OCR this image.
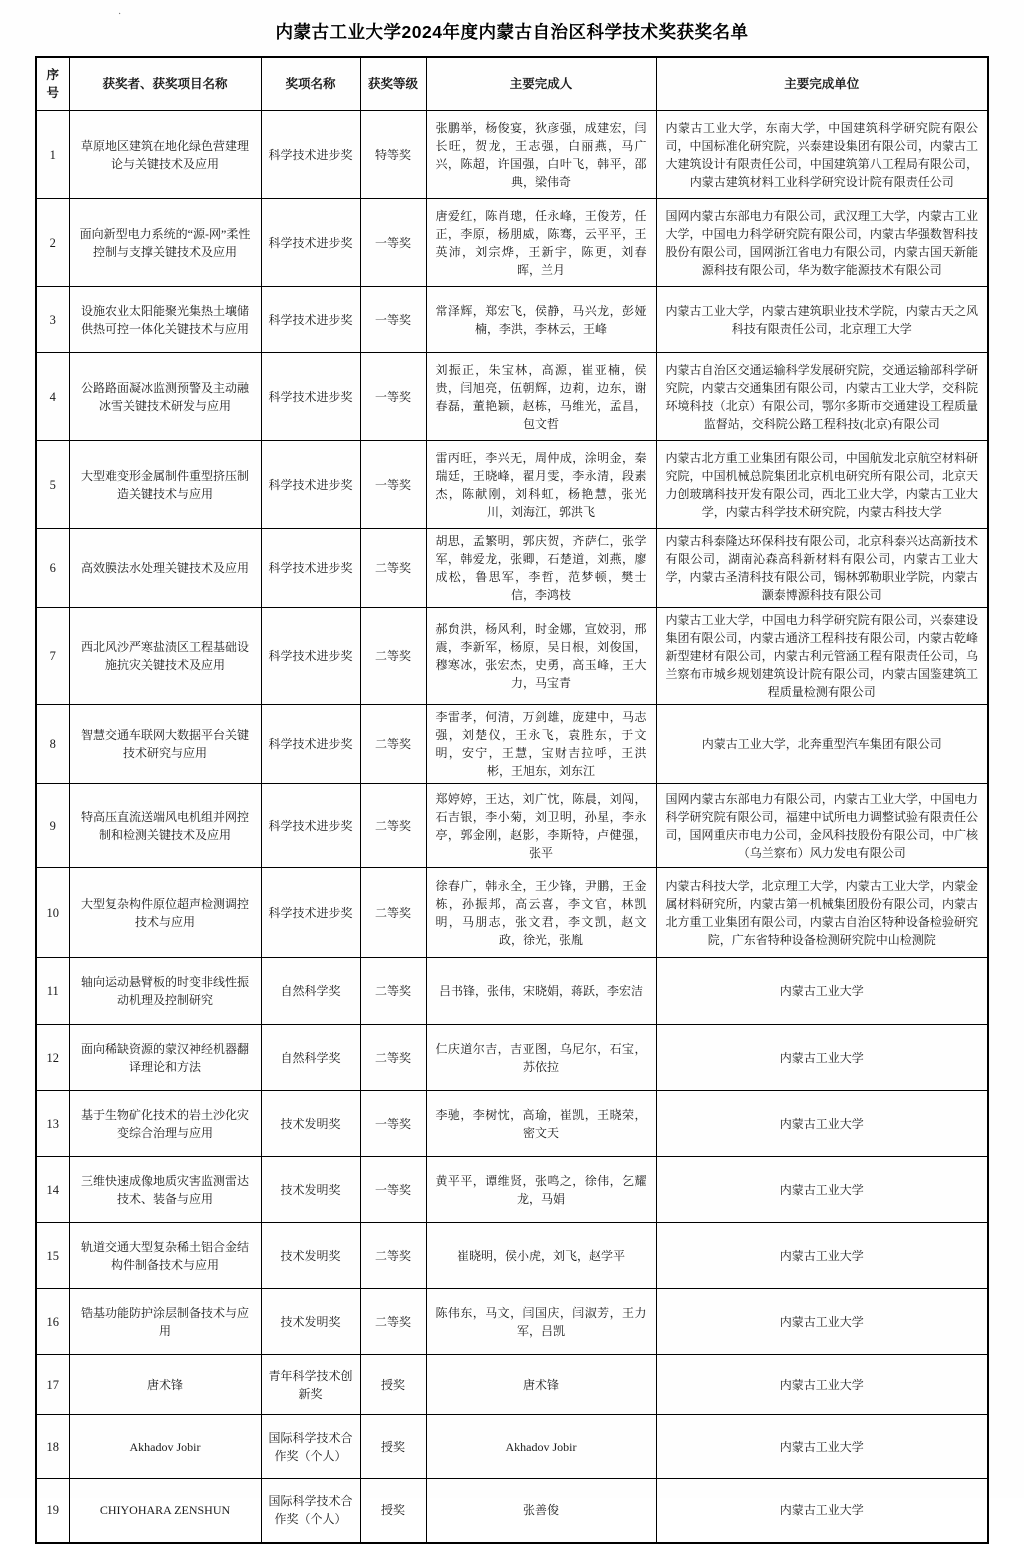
·
内蒙古工业大学2024年度内蒙古自治区科学技术奖获奖名单
序号	获奖者、获奖项目名称	奖项名称	获奖等级	主要完成人	主要完成单位
1	草原地区建筑在地化绿色营建理论与关键技术及应用	科学技术进步奖	特等奖	张鹏举，杨俊宴，狄彦强，成建宏，闫长旺，贺龙，王志强，白丽燕，马广兴，陈超，许国强，白叶飞，韩平，邵典，梁伟奇	内蒙古工业大学，东南大学，中国建筑科学研究院有限公司，中国标准化研究院，兴泰建设集团有限公司，内蒙古工大建筑设计有限责任公司，中国建筑第八工程局有限公司，内蒙古建筑材料工业科学研究设计院有限责任公司
2	面向新型电力系统的“源-网”柔性控制与支撑关键技术及应用	科学技术进步奖	一等奖	唐爱红，陈肖璁，任永峰，王俊芳，任正，李原，杨朋威，陈骞，云平平，王英沛，刘宗烨，王新宇，陈更，刘春晖，兰月	国网内蒙古东部电力有限公司，武汉理工大学，内蒙古工业大学，中国电力科学研究院有限公司，内蒙古华强数智科技股份有限公司，国网浙江省电力有限公司，内蒙古国天新能源科技有限公司，华为数字能源技术有限公司
3	设施农业太阳能聚光集热土壤储供热可控一体化关键技术与应用	科学技术进步奖	一等奖	常泽辉，郑宏飞，侯静，马兴龙，彭娅楠，李洪，李林云，王峰	内蒙古工业大学，内蒙古建筑职业技术学院，内蒙古天之风科技有限责任公司，北京理工大学
4	公路路面凝冰监测预警及主动融冰雪关键技术研发与应用	科学技术进步奖	一等奖	刘振正，朱宝林，高源，崔亚楠，侯贵，闫旭亮，伍朝辉，边莉，边东，谢春磊，董艳颖，赵栋，马维光，孟昌，包文哲	内蒙古自治区交通运输科学发展研究院，交通运输部科学研究院，内蒙古交通集团有限公司，内蒙古工业大学，交科院环境科技（北京）有限公司，鄂尔多斯市交通建设工程质量监督站，交科院公路工程科技(北京)有限公司
5	大型难变形金属制件重型挤压制造关键技术与应用	科学技术进步奖	一等奖	雷丙旺，李兴无，周仲成，涂明金，秦瑞廷，王晓峰，翟月雯，李永清，段素杰，陈献刚，刘科虹，杨艳慧，张光川，刘海江，郭洪飞	内蒙古北方重工业集团有限公司，中国航发北京航空材料研究院，中国机械总院集团北京机电研究所有限公司，北京天力创玻璃科技开发有限公司，西北工业大学，内蒙古工业大学，内蒙古科学技术研究院，内蒙古科技大学
6	高效膜法水处理关键技术及应用	科学技术进步奖	二等奖	胡思，孟繁明，郭庆贺，齐萨仁，张学军，韩爱龙，张卿，石楚道，刘燕，廖成松，鲁思军，李哲，范梦顿，樊士信，李鸿枝	内蒙古科泰隆达环保科技有限公司，北京科泰兴达高新技术有限公司，湖南沁森高科新材料有限公司，内蒙古工业大学，内蒙古圣清科技有限公司，锡林郭勒职业学院，内蒙古灏泰博源科技有限公司
7	西北风沙严寒盐渍区工程基础设施抗灾关键技术及应用	科学技术进步奖	二等奖	郝贠洪，杨风利，时金娜，宣姣羽，邢震，李新军，杨原，吴日根，刘俊国，穆寒冰，张宏杰，史勇，高玉峰，王大力，马宝青	内蒙古工业大学，中国电力科学研究院有限公司，兴泰建设集团有限公司，内蒙古通济工程科技有限公司，内蒙古乾峰新型建材有限公司，内蒙古利元管涵工程有限责任公司，乌兰察布市城乡规划建筑设计院有限公司，内蒙古国鉴建筑工程质量检测有限公司
8	智慧交通车联网大数据平台关键技术研究与应用	科学技术进步奖	二等奖	李雷孝，何清，万剑雄，庞建中，马志强，刘楚仪，王永飞，袁胜东，于文明，安宁，王慧，宝财吉拉呼，王洪彬，王旭东，刘东江	内蒙古工业大学，北奔重型汽车集团有限公司
9	特高压直流送端风电机组并网控制和检测关键技术及应用	科学技术进步奖	二等奖	郑婷婷，王达，刘广忱，陈晨，刘闯，石吉银，李小菊，刘卫明，孙星，李永亭，郭金刚，赵影，李斯特，卢健强，张平	国网内蒙古东部电力有限公司，内蒙古工业大学，中国电力科学研究院有限公司，福建中试所电力调整试验有限责任公司，国网重庆市电力公司，金风科技股份有限公司，中广核（乌兰察布）风力发电有限公司
10	大型复杂构件原位超声检测调控技术与应用	科学技术进步奖	二等奖	徐春广，韩永全，王少锋，尹鹏，王金栋，孙振邦，高云喜，李文官，林凯明，马朋志，张文君，李文凯，赵文政，徐光，张胤	内蒙古科技大学，北京理工大学，内蒙古工业大学，内蒙金属材料研究所，内蒙古第一机械集团股份有限公司，内蒙古北方重工业集团有限公司，内蒙古自治区特种设备检验研究院，广东省特种设备检测研究院中山检测院
11	轴向运动悬臂板的时变非线性振动机理及控制研究	自然科学奖	二等奖	吕书锋，张伟，宋晓娟，蒋跃，李宏洁	内蒙古工业大学
12	面向稀缺资源的蒙汉神经机器翻译理论和方法	自然科学奖	二等奖	仁庆道尔吉，吉亚图，乌尼尔，石宝，苏依拉	内蒙古工业大学
13	基于生物矿化技术的岩土沙化灾变综合治理与应用	技术发明奖	一等奖	李驰，李树忱，高瑜，崔凯，王晓荣，密文天	内蒙古工业大学
14	三维快速成像地质灾害监测雷达技术、装备与应用	技术发明奖	一等奖	黄平平，谭维贤，张鸣之，徐伟，乞耀龙，马娟	内蒙古工业大学
15	轨道交通大型复杂稀土铝合金结构件制备技术与应用	技术发明奖	二等奖	崔晓明，侯小虎，刘飞，赵学平	内蒙古工业大学
16	锆基功能防护涂层制备技术与应用	技术发明奖	二等奖	陈伟东，马文，闫国庆，闫淑芳，王力军，吕凯	内蒙古工业大学
17	唐术锋	青年科学技术创新奖	授奖	唐术锋	内蒙古工业大学
18	Akhadov Jobir	国际科学技术合作奖（个人）	授奖	Akhadov Jobir	内蒙古工业大学
19	CHIYOHARA ZENSHUN	国际科学技术合作奖（个人）	授奖	张善俊	内蒙古工业大学
